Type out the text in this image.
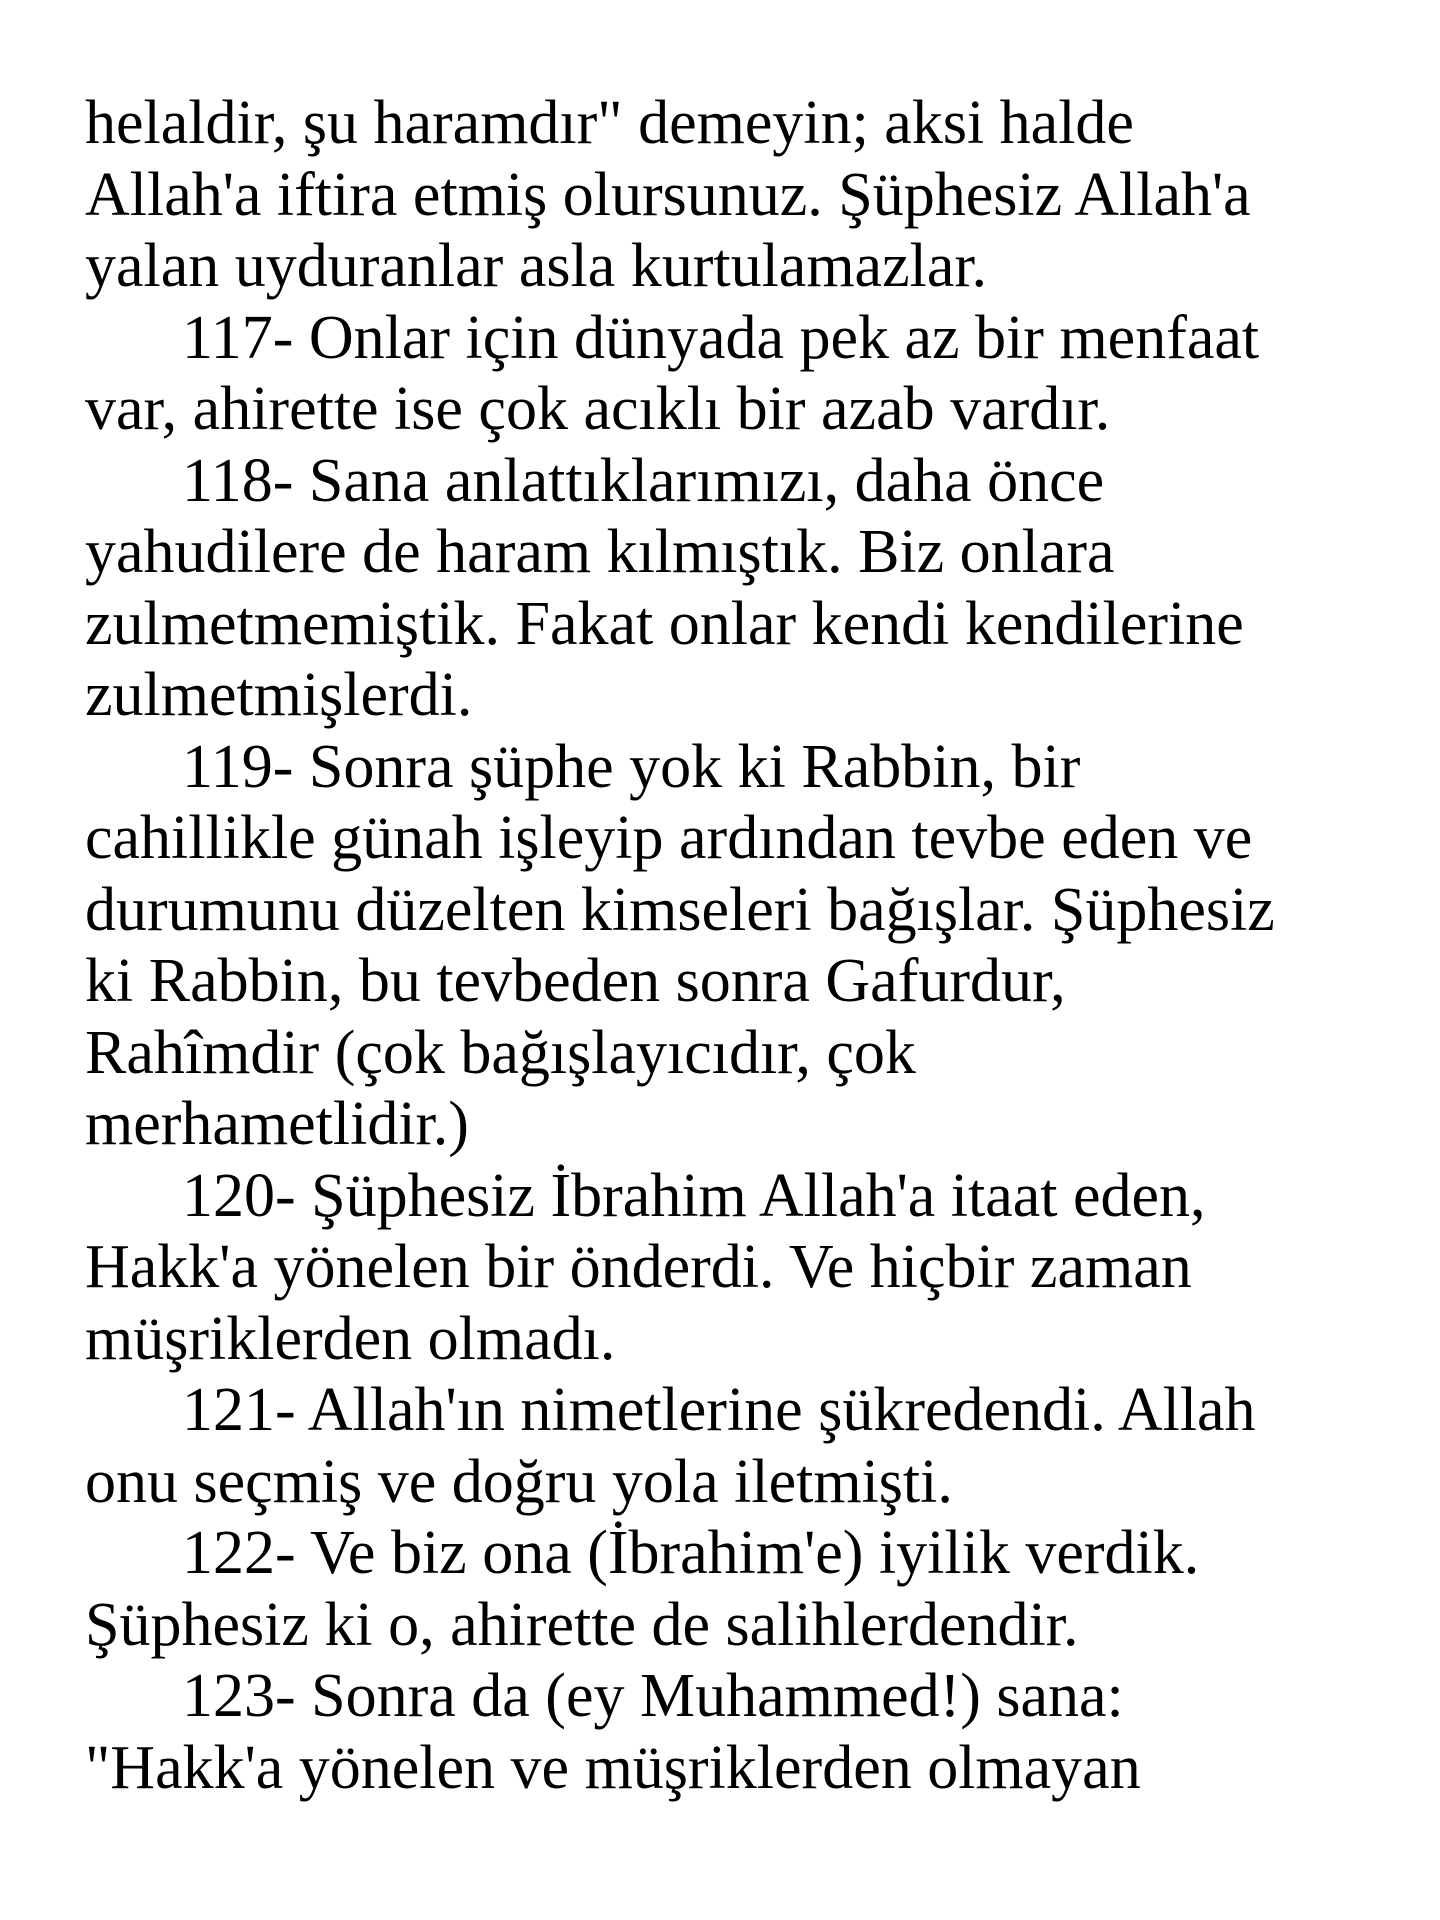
helaldir, şu haramdır" demeyin; aksi halde
Allah'a iftira etmiş olursunuz. Şüphesiz Allah'a
yalan uyduranlar asla kurtulamazlar.
117- Onlar için dünyada pek az bir menfaat
var, ahirette ise çok acıklı bir azab vardır.
118- Sana anlattıklarımızı, daha önce
yahudilere de haram kılmıştık. Biz onlara
zulmetmemiştik. Fakat onlar kendi kendilerine
zulmetmişlerdi.
119- Sonra şüphe yok ki Rabbin, bir
cahillikle günah işleyip ardından tevbe eden ve
durumunu düzelten kimseleri bağışlar. Şüphesiz
ki Rabbin, bu tevbeden sonra Gafurdur,
Rahîmdir (çok bağışlayıcıdır, çok
merhametlidir.)
120- Şüphesiz İbrahim Allah'a itaat eden,
Hakk'a yönelen bir önderdi. Ve hiçbir zaman
müşriklerden olmadı.
121- Allah'ın nimetlerine şükredendi. Allah
onu seçmiş ve doğru yola iletmişti.
122- Ve biz ona (İbrahim'e) iyilik verdik.
Şüphesiz ki o, ahirette de salihlerdendir.
123- Sonra da (ey Muhammed!) sana:
"Hakk'a yönelen ve müşriklerden olmayan
